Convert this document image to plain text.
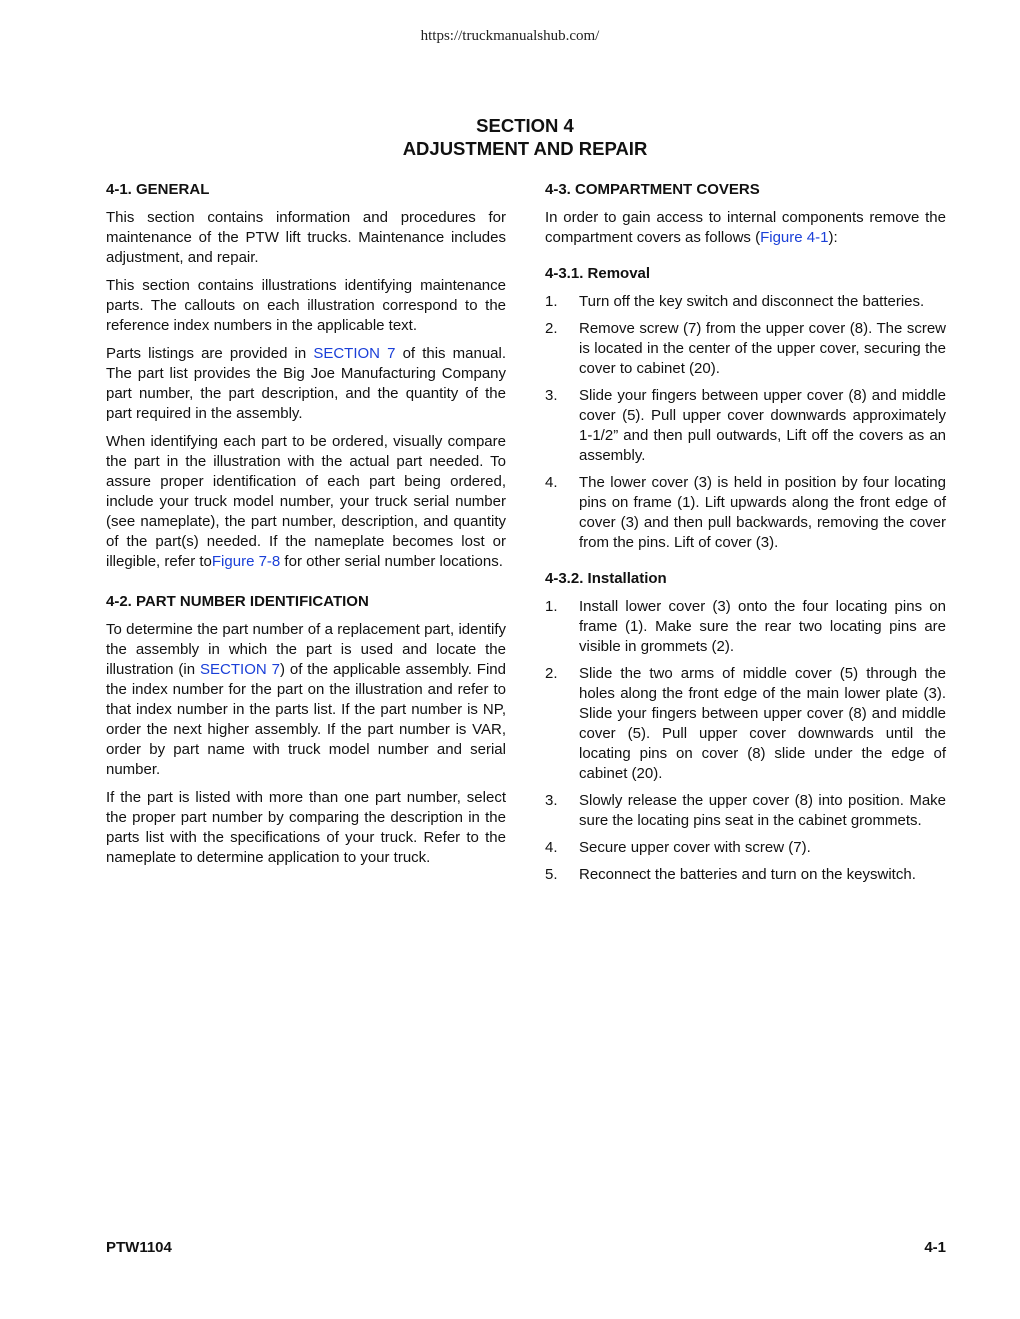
https://truckmanualshub.com/
SECTION 4
ADJUSTMENT AND REPAIR
4-1. GENERAL

This section contains information and procedures for maintenance of the PTW lift trucks. Maintenance includes adjustment, and repair.

This section contains illustrations identifying maintenance parts. The callouts on each illustration correspond to the reference index numbers in the applicable text.

Parts listings are provided in SECTION 7 of this manual. The part list provides the Big Joe Manufacturing Company part number, the part description, and the quantity of the part required in the assembly.

When identifying each part to be ordered, visually compare the part in the illustration with the actual part needed. To assure proper identification of each part being ordered, include your truck model number, your truck serial number (see nameplate), the part number, description, and quantity of the part(s) needed. If the nameplate becomes lost or illegible, refer toFigure 7-8 for other serial number locations.

4-2. PART NUMBER IDENTIFICATION

To determine the part number of a replacement part, identify the assembly in which the part is used and locate the illustration (in SECTION 7) of the applicable assembly. Find the index number for the part on the illustration and refer to that index number in the parts list. If the part number is NP, order the next higher assembly. If the part number is VAR, order by part name with truck model number and serial number.

If the part is listed with more than one part number, select the proper part number by comparing the description in the parts list with the specifications of your truck. Refer to the nameplate to determine application to your truck.

4-3. COMPARTMENT COVERS

In order to gain access to internal components remove the compartment covers as follows (Figure 4-1):

4-3.1. Removal
1. Turn off the key switch and disconnect the batteries.
2. Remove screw (7) from the upper cover (8). The screw is located in the center of the upper cover, securing the cover to cabinet (20).
3. Slide your fingers between upper cover (8) and middle cover (5). Pull upper cover downwards approximately 1-1/2” and then pull outwards, Lift off the covers as an assembly.
4. The lower cover (3) is held in position by four locating pins on frame (1). Lift upwards along the front edge of cover (3) and then pull backwards, removing the cover from the pins. Lift of cover (3).
4-3.2. Installation
1. Install lower cover (3) onto the four locating pins on frame (1). Make sure the rear two locating pins are visible in grommets (2).
2. Slide the two arms of middle cover (5) through the holes along the front edge of the main lower plate (3). Slide your fingers between upper cover (8) and middle cover (5). Pull upper cover downwards until the locating pins on cover (8) slide under the edge of cabinet (20).
3. Slowly release the upper cover (8) into position. Make sure the locating pins seat in the cabinet grommets.
4. Secure upper cover with screw (7).
5. Reconnect the batteries and turn on the keyswitch.
PTW1104	4-1
